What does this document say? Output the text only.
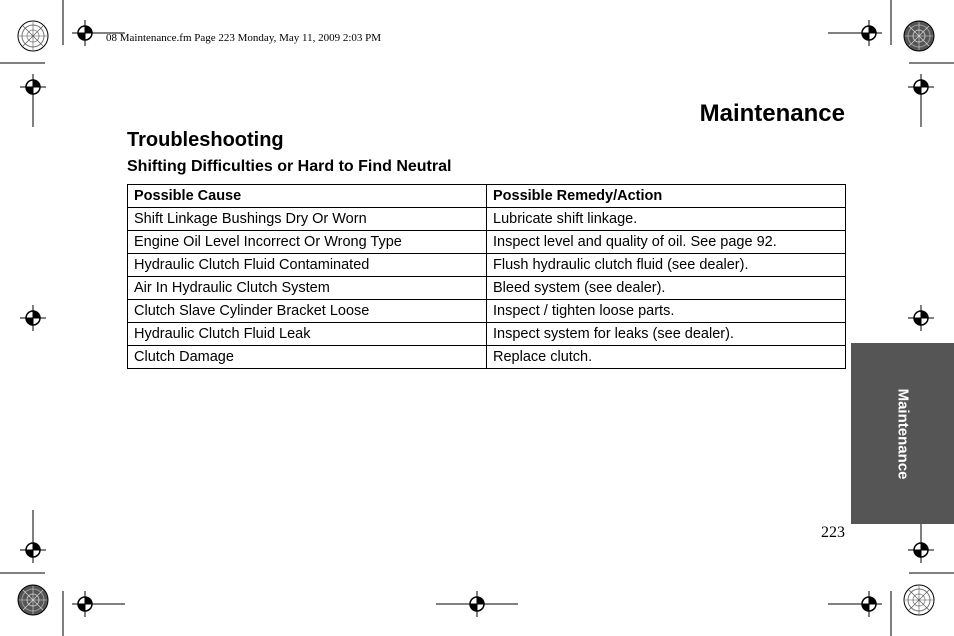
08 Maintenance.fm Page 223 Monday, May 11, 2009 2:03 PM
Maintenance
Troubleshooting
Shifting Difficulties or Hard to Find Neutral
Possible Cause	Possible Remedy/Action
Shift Linkage Bushings Dry Or Worn	Lubricate shift linkage.
Engine Oil Level Incorrect Or Wrong Type	Inspect level and quality of oil. See page 92.
Hydraulic Clutch Fluid Contaminated	Flush hydraulic clutch fluid (see dealer).
Air In Hydraulic Clutch System	Bleed system (see dealer).
Clutch Slave Cylinder Bracket Loose	Inspect / tighten loose parts.
Hydraulic Clutch Fluid Leak	Inspect system for leaks (see dealer).
Clutch Damage	Replace clutch.
Maintenance
223
